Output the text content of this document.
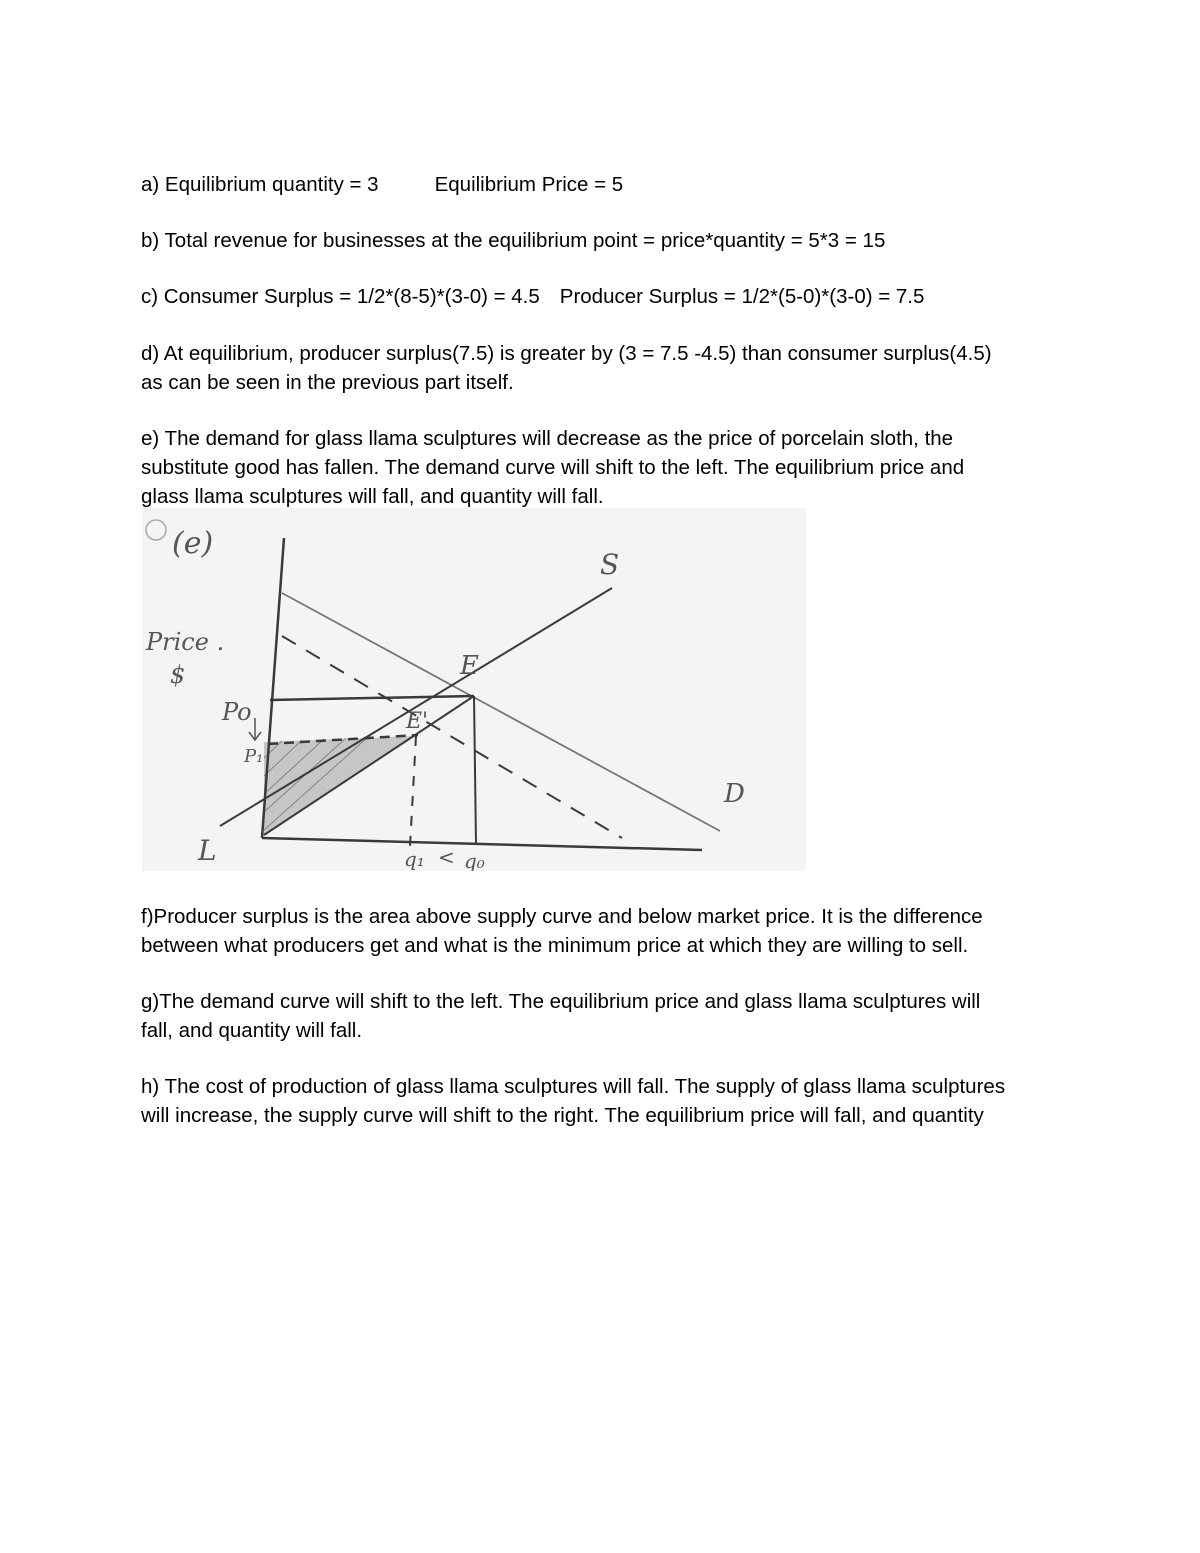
a) Equilibrium quantity = 3	Equilibrium Price = 5
b) Total revenue for businesses at the equilibrium point = price*quantity = 5*3 = 15
c) Consumer Surplus = 1/2*(8-5)*(3-0) = 4.5 Producer Surplus = 1/2*(5-0)*(3-0) = 7.5
d) At equilibrium, producer surplus(7.5) is greater by (3 = 7.5 -4.5) than consumer surplus(4.5)
as can be seen in the previous part itself.
e) The demand for glass llama sculptures will decrease as the price of porcelain sloth, the
substitute good has fallen. The demand curve will shift to the left. The equilibrium price and
glass llama sculptures will fall, and quantity will fall.
(e)
Price .
$
Po
P₁
S
D
E
E'
q₁ < q₀
L
f)Producer surplus is the area above supply curve and below market price. It is the difference
between what producers get and what is the minimum price at which they are willing to sell.
g)The demand curve will shift to the left. The equilibrium price and glass llama sculptures will
fall, and quantity will fall.
h) The cost of production of glass llama sculptures will fall. The supply of glass llama sculptures
will increase, the supply curve will shift to the right. The equilibrium price will fall, and quantity
